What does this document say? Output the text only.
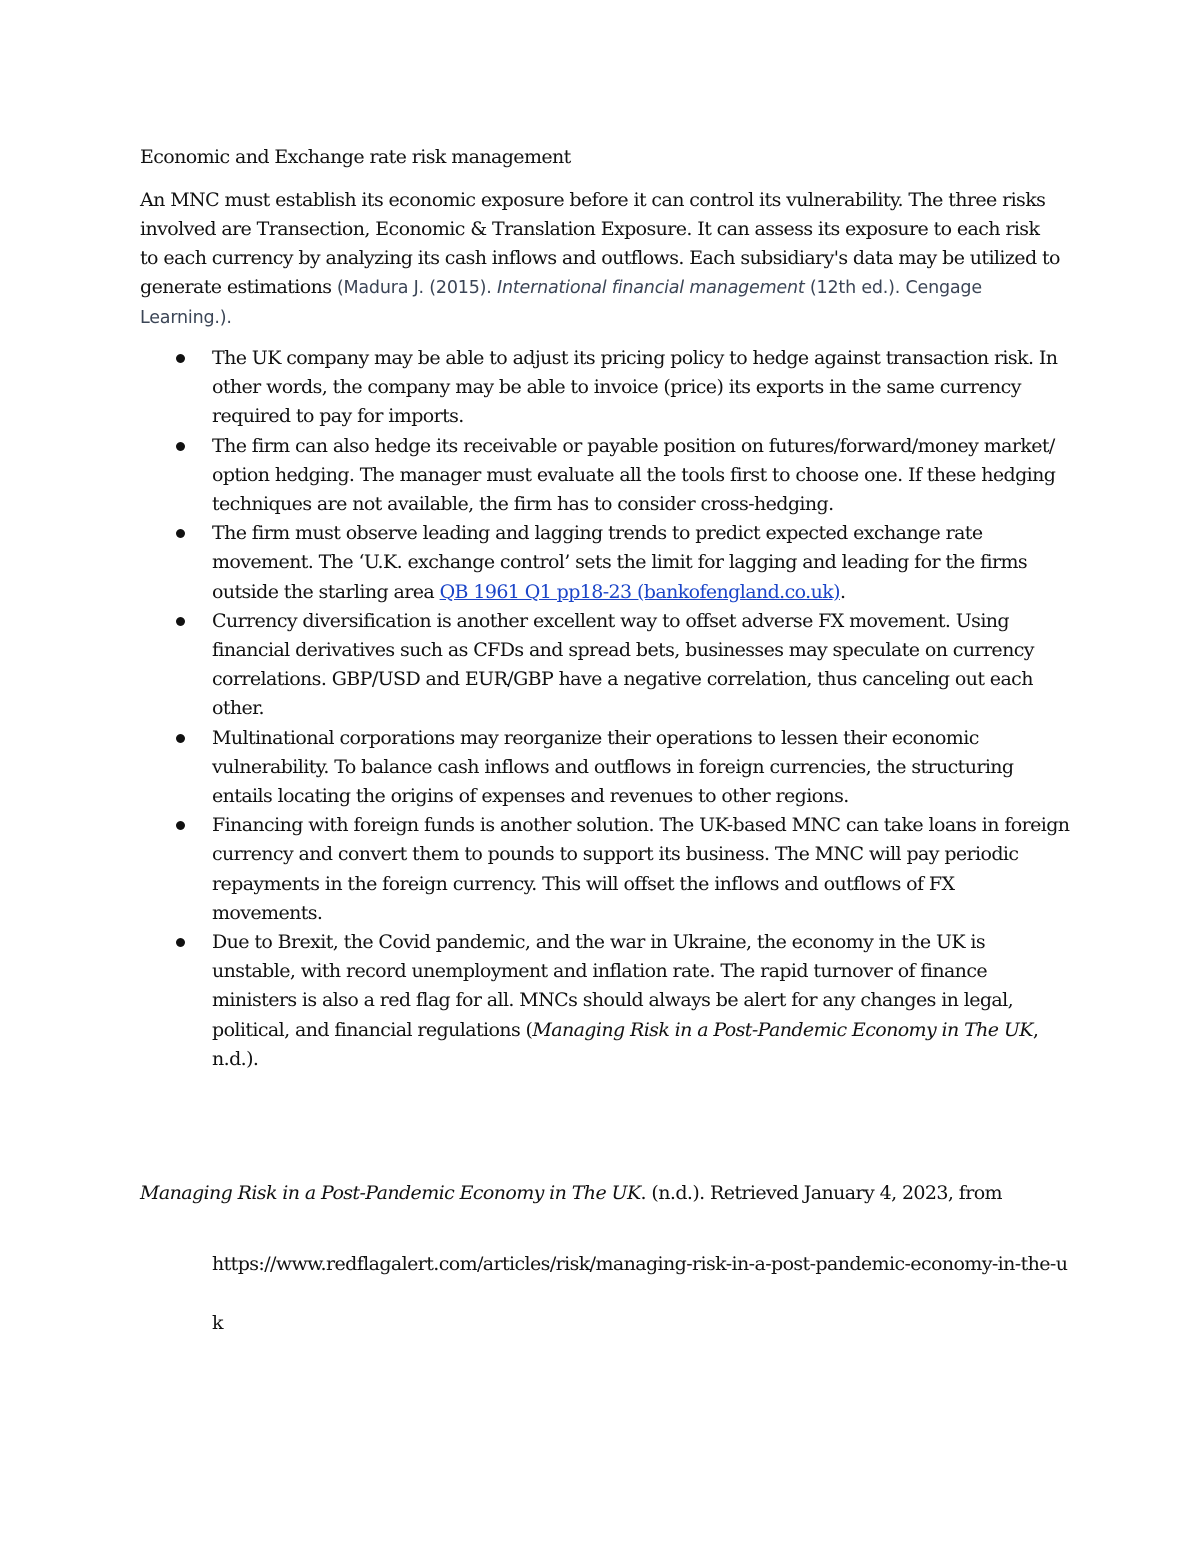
Economic and Exchange rate risk management

An MNC must establish its economic exposure before it can control its vulnerability. The three risks involved are Transection, Economic & Translation Exposure. It can assess its exposure to each risk to each currency by analyzing its cash inflows and outflows. Each subsidiary's data may be utilized to generate estimations (Madura J. (2015). International financial management (12th ed.). Cengage Learning.).

The UK company may be able to adjust its pricing policy to hedge against transaction risk. In other words, the company may be able to invoice (price) its exports in the same currency required to pay for imports.
The firm can also hedge its receivable or payable position on futures/forward/money market/ option hedging. The manager must evaluate all the tools first to choose one. If these hedging techniques are not available, the firm has to consider cross-hedging.
The firm must observe leading and lagging trends to predict expected exchange rate movement. The ‘U.K. exchange control’ sets the limit for lagging and leading for the firms outside the starling area QB 1961 Q1 pp18-23 (bankofengland.co.uk).
Currency diversification is another excellent way to offset adverse FX movement. Using financial derivatives such as CFDs and spread bets, businesses may speculate on currency correlations. GBP/USD and EUR/GBP have a negative correlation, thus canceling out each other.
Multinational corporations may reorganize their operations to lessen their economic vulnerability. To balance cash inflows and outflows in foreign currencies, the structuring entails locating the origins of expenses and revenues to other regions.
Financing with foreign funds is another solution. The UK-based MNC can take loans in foreign currency and convert them to pounds to support its business. The MNC will pay periodic repayments in the foreign currency. This will offset the inflows and outflows of FX movements.
Due to Brexit, the Covid pandemic, and the war in Ukraine, the economy in the UK is unstable, with record unemployment and inflation rate. The rapid turnover of finance ministers is also a red flag for all. MNCs should always be alert for any changes in legal, political, and financial regulations (Managing Risk in a Post-Pandemic Economy in The UK, n.d.).
Managing Risk in a Post-Pandemic Economy in The UK. (n.d.). Retrieved January 4, 2023, from
https://www.redflagalert.com/articles/risk/managing-risk-in-a-post-pandemic-economy-in-the-uk
